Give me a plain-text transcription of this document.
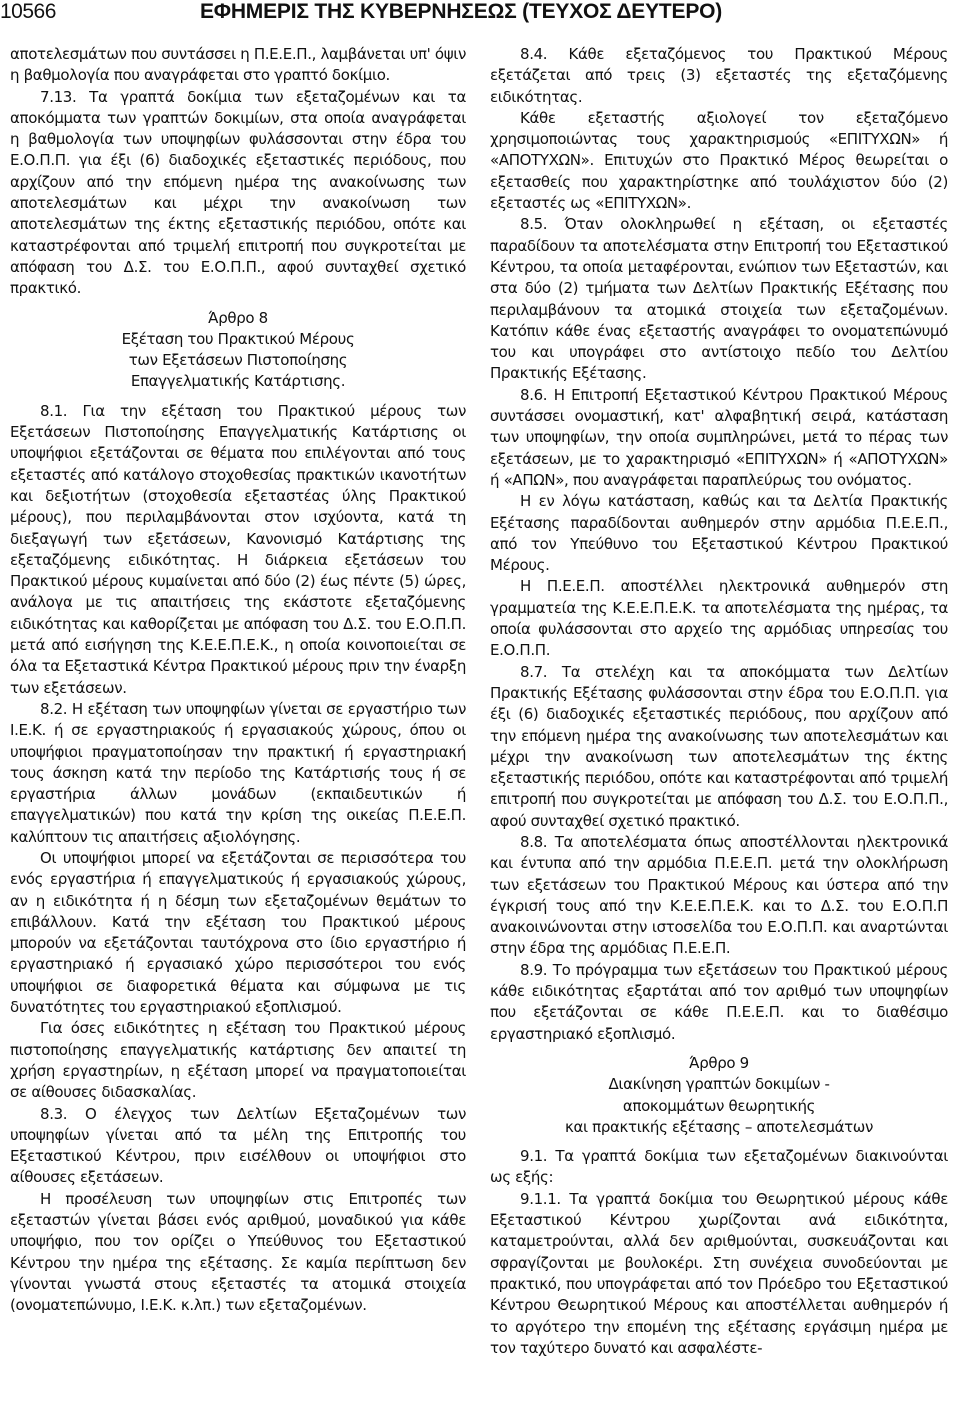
10566	ΕΦΗΜΕΡΙΣ ΤΗΣ ΚΥΒΕΡΝΗΣΕΩΣ (ΤΕΥΧΟΣ ΔΕΥΤΕΡΟ)

αποτελεσμάτων που συντάσσει η Π.Ε.Ε.Π., λαμβάνεται υπ' όψιν η βαθμολογία που αναγράφεται στο γραπτό δοκίμιο.

7.13. Τα γραπτά δοκίμια των εξεταζομένων και τα αποκόμματα των γραπτών δοκιμίων, στα οποία αναγράφεται η βαθμολογία των υποψηφίων φυλάσσονται στην έδρα του Ε.Ο.Π.Π. για έξι (6) διαδοχικές εξεταστικές περιόδους, που αρχίζουν από την επόμενη ημέρα της ανακοίνωσης των αποτελεσμάτων και μέχρι την ανακοίνωση των αποτελεσμάτων της έκτης εξεταστικής περιόδου, οπότε και καταστρέφονται από τριμελή επιτροπή που συγκροτείται με απόφαση του Δ.Σ. του Ε.Ο.Π.Π., αφού συνταχθεί σχετικό πρακτικό.

Άρθρο 8
Εξέταση του Πρακτικού Μέρους
των Εξετάσεων Πιστοποίησης
Επαγγελματικής Κατάρτισης.

8.1. Για την εξέταση του Πρακτικού μέρους των Εξετάσεων Πιστοποίησης Επαγγελματικής Κατάρτισης οι υποψήφιοι εξετάζονται σε θέματα που επιλέγονται από τους εξεταστές από κατάλογο στοχοθεσίας πρακτικών ικανοτήτων και δεξιοτήτων (στοχοθεσία εξεταστέας ύλης Πρακτικού μέρους), που περιλαμβάνονται στον ισχύοντα, κατά τη διεξαγωγή των εξετάσεων, Κανονισμό Κατάρτισης της εξεταζόμενης ειδικότητας. Η διάρκεια εξετάσεων του Πρακτικού μέρους κυμαίνεται από δύο (2) έως πέντε (5) ώρες, ανάλογα με τις απαιτήσεις της εκάστοτε εξεταζόμενης ειδικότητας και καθορίζεται με απόφαση του Δ.Σ. του Ε.Ο.Π.Π. μετά από εισήγηση της Κ.Ε.Ε.Π.Ε.Κ., η οποία κοινοποιείται σε όλα τα Εξεταστικά Κέντρα Πρακτικού μέρους πριν την έναρξη των εξετάσεων.

8.2. Η εξέταση των υποψηφίων γίνεται σε εργαστήριο των Ι.Ε.Κ. ή σε εργαστηριακούς ή εργασιακούς χώρους, όπου οι υποψήφιοι πραγματοποίησαν την πρακτική ή εργαστηριακή τους άσκηση κατά την περίοδο της Κατάρτισής τους ή σε εργαστήρια άλλων μονάδων (εκπαιδευτικών ή επαγγελματικών) που κατά την κρίση της οικείας Π.Ε.Ε.Π. καλύπτουν τις απαιτήσεις αξιολόγησης.

Οι υποψήφιοι μπορεί να εξετάζονται σε περισσότερα του ενός εργαστήρια ή επαγγελματικούς ή εργασιακούς χώρους, αν η ειδικότητα ή η δέσμη των εξεταζομένων θεμάτων το επιβάλλουν. Κατά την εξέταση του Πρακτικού μέρους μπορούν να εξετάζονται ταυτόχρονα στο ίδιο εργαστήριο ή εργαστηριακό ή εργασιακό χώρο περισσότεροι του ενός υποψήφιοι σε διαφορετικά θέματα και σύμφωνα με τις δυνατότητες του εργαστηριακού εξοπλισμού.

Για όσες ειδικότητες η εξέταση του Πρακτικού μέρους πιστοποίησης επαγγελματικής κατάρτισης δεν απαιτεί τη χρήση εργαστηρίων, η εξέταση μπορεί να πραγματοποιείται σε αίθουσες διδασκαλίας.

8.3. Ο έλεγχος των Δελτίων Εξεταζομένων των υποψηφίων γίνεται από τα μέλη της Επιτροπής του Εξεταστικού Κέντρου, πριν εισέλθουν οι υποψήφιοι στο αίθουσες εξετάσεων.

Η προσέλευση των υποψηφίων στις Επιτροπές των εξεταστών γίνεται βάσει ενός αριθμού, μοναδικού για κάθε υποψήφιο, που τον ορίζει ο Υπεύθυνος του Εξεταστικού Κέντρου την ημέρα της εξέτασης. Σε καμία περίπτωση δεν γίνονται γνωστά στους εξεταστές τα ατομικά στοιχεία (ονοματεπώνυμο, Ι.Ε.Κ. κ.λπ.) των εξεταζομένων.

8.4. Κάθε εξεταζόμενος του Πρακτικού Μέρους εξετάζεται από τρεις (3) εξεταστές της εξεταζόμενης ειδικότητας.

Κάθε εξεταστής αξιολογεί τον εξεταζόμενο χρησιμοποιώντας τους χαρακτηρισμούς «ΕΠΙΤΥΧΩΝ» ή «ΑΠΟΤΥΧΩΝ». Επιτυχών στο Πρακτικό Μέρος θεωρείται ο εξετασθείς που χαρακτηρίστηκε από τουλάχιστον δύο (2) εξεταστές ως «ΕΠΙΤΥΧΩΝ».

8.5. Όταν ολοκληρωθεί η εξέταση, οι εξεταστές παραδίδουν τα αποτελέσματα στην Επιτροπή του Εξεταστικού Κέντρου, τα οποία μεταφέρονται, ενώπιον των Εξεταστών, και στα δύο (2) τμήματα των Δελτίων Πρακτικής Εξέτασης που περιλαμβάνουν τα ατομικά στοιχεία των εξεταζομένων. Κατόπιν κάθε ένας εξεταστής αναγράφει το ονοματεπώνυμό του και υπογράφει στο αντίστοιχο πεδίο του Δελτίου Πρακτικής Εξέτασης.

8.6. Η Επιτροπή Εξεταστικού Κέντρου Πρακτικού Μέρους συντάσσει ονομαστική, κατ' αλφαβητική σειρά, κατάσταση των υποψηφίων, την οποία συμπληρώνει, μετά το πέρας των εξετάσεων, με το χαρακτηρισμό «ΕΠΙΤΥΧΩΝ» ή «ΑΠΟΤΥΧΩΝ» ή «ΑΠΩΝ», που αναγράφεται παραπλεύρως του ονόματος.

Η εν λόγω κατάσταση, καθώς και τα Δελτία Πρακτικής Εξέτασης παραδίδονται αυθημερόν στην αρμόδια Π.Ε.Ε.Π., από τον Υπεύθυνο του Εξεταστικού Κέντρου Πρακτικού Μέρους.

Η Π.Ε.Ε.Π. αποστέλλει ηλεκτρονικά αυθημερόν στη γραμματεία της Κ.Ε.Ε.Π.Ε.Κ. τα αποτελέσματα της ημέρας, τα οποία φυλάσσονται στο αρχείο της αρμόδιας υπηρεσίας του Ε.Ο.Π.Π.

8.7. Τα στελέχη και τα αποκόμματα των Δελτίων Πρακτικής Εξέτασης φυλάσσονται στην έδρα του Ε.Ο.Π.Π. για έξι (6) διαδοχικές εξεταστικές περιόδους, που αρχίζουν από την επόμενη ημέρα της ανακοίνωσης των αποτελεσμάτων και μέχρι την ανακοίνωση των αποτελεσμάτων της έκτης εξεταστικής περιόδου, οπότε και καταστρέφονται από τριμελή επιτροπή που συγκροτείται με απόφαση του Δ.Σ. του Ε.Ο.Π.Π., αφού συνταχθεί σχετικό πρακτικό.

8.8. Τα αποτελέσματα όπως αποστέλλονται ηλεκτρονικά και έντυπα από την αρμόδια Π.Ε.Ε.Π. μετά την ολοκλήρωση των εξετάσεων του Πρακτικού Μέρους και ύστερα από την έγκρισή τους από την Κ.Ε.Ε.Π.Ε.Κ. και το Δ.Σ. του Ε.Ο.Π.Π ανακοινώνονται στην ιστοσελίδα του Ε.Ο.Π.Π. και αναρτώνται στην έδρα της αρμόδιας Π.Ε.Ε.Π.

8.9. Το πρόγραμμα των εξετάσεων του Πρακτικού μέρους κάθε ειδικότητας εξαρτάται από τον αριθμό των υποψηφίων που εξετάζονται σε κάθε Π.Ε.Ε.Π. και το διαθέσιμο εργαστηριακό εξοπλισμό.

Άρθρο 9
Διακίνηση γραπτών δοκιμίων -
αποκομμάτων θεωρητικής
και πρακτικής εξέτασης – αποτελεσμάτων

9.1. Τα γραπτά δοκίμια των εξεταζομένων διακινούνται ως εξής:

9.1.1. Τα γραπτά δοκίμια του Θεωρητικού μέρους κάθε Εξεταστικού Κέντρου χωρίζονται ανά ειδικότητα, καταμετρούνται, αλλά δεν αριθμούνται, συσκευάζονται και σφραγίζονται με βουλοκέρι. Στη συνέχεια συνοδεύονται με πρακτικό, που υπογράφεται από τον Πρόεδρο του Εξεταστικού Κέντρου Θεωρητικού Μέρους και αποστέλλεται αυθημερόν ή το αργότερο την επομένη της εξέτασης εργάσιμη ημέρα με τον ταχύτερο δυνατό και ασφαλέστε-
